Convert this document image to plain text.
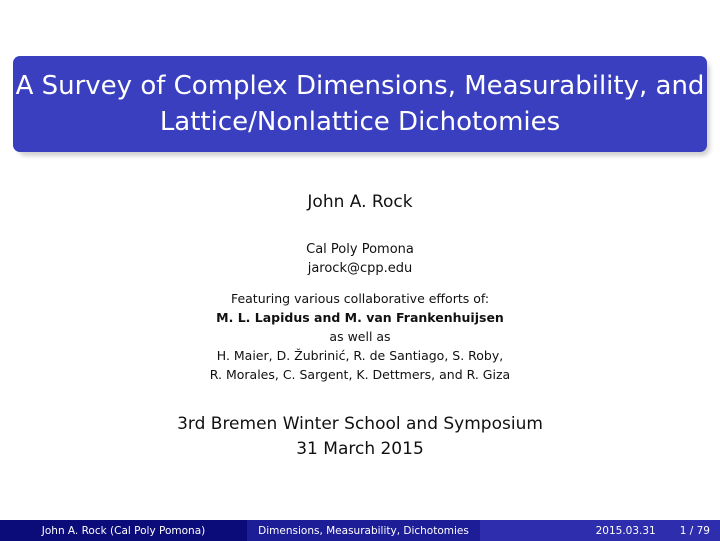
A Survey of Complex Dimensions, Measurability, and
Lattice/Nonlattice Dichotomies
John A. Rock
Cal Poly Pomona
jarock@cpp.edu
Featuring various collaborative efforts of:
M. L. Lapidus and M. van Frankenhuijsen
as well as
H. Maier, D. Žubrinić, R. de Santiago, S. Roby,
R. Morales, C. Sargent, K. Dettmers, and R. Giza
3rd Bremen Winter School and Symposium
31 March 2015
John A. Rock (Cal Poly Pomona)	Dimensions, Measurability, Dichotomies	2015.03.31 1 / 79
